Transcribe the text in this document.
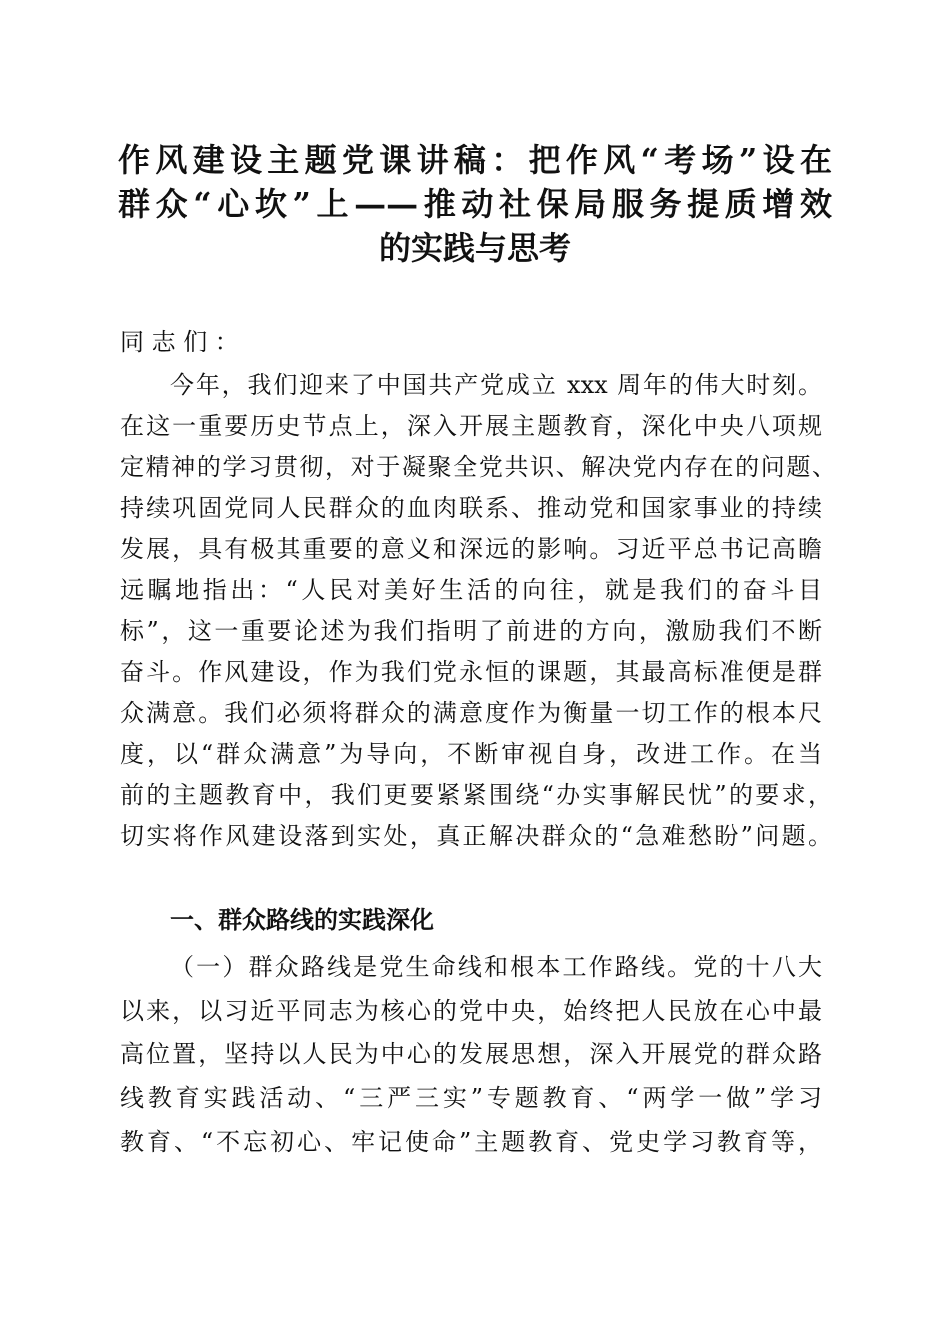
作风建设主题党课讲稿：把作风“考场”设在
群众“心坎”上——推动社保局服务提质增效
的实践与思考
同志们：
今年，我们迎来了中国共产党成立 xxx 周年的伟大时刻。
在这一重要历史节点上，深入开展主题教育，深化中央八项规
定精神的学习贯彻，对于凝聚全党共识、解决党内存在的问题、
持续巩固党同人民群众的血肉联系、推动党和国家事业的持续
发展，具有极其重要的意义和深远的影响。习近平总书记高瞻
远瞩地指出：“人民对美好生活的向往，就是我们的奋斗目
标”，这一重要论述为我们指明了前进的方向，激励我们不断
奋斗。作风建设，作为我们党永恒的课题，其最高标准便是群
众满意。我们必须将群众的满意度作为衡量一切工作的根本尺
度，以“群众满意”为导向，不断审视自身，改进工作。在当
前的主题教育中，我们更要紧紧围绕“办实事解民忧”的要求，
切实将作风建设落到实处，真正解决群众的“急难愁盼”问题。
一、群众路线的实践深化
（一）群众路线是党生命线和根本工作路线。党的十八大
以来，以习近平同志为核心的党中央，始终把人民放在心中最
高位置，坚持以人民为中心的发展思想，深入开展党的群众路
线教育实践活动、“三严三实”专题教育、“两学一做”学习
教育、“不忘初心、牢记使命”主题教育、党史学习教育等，
